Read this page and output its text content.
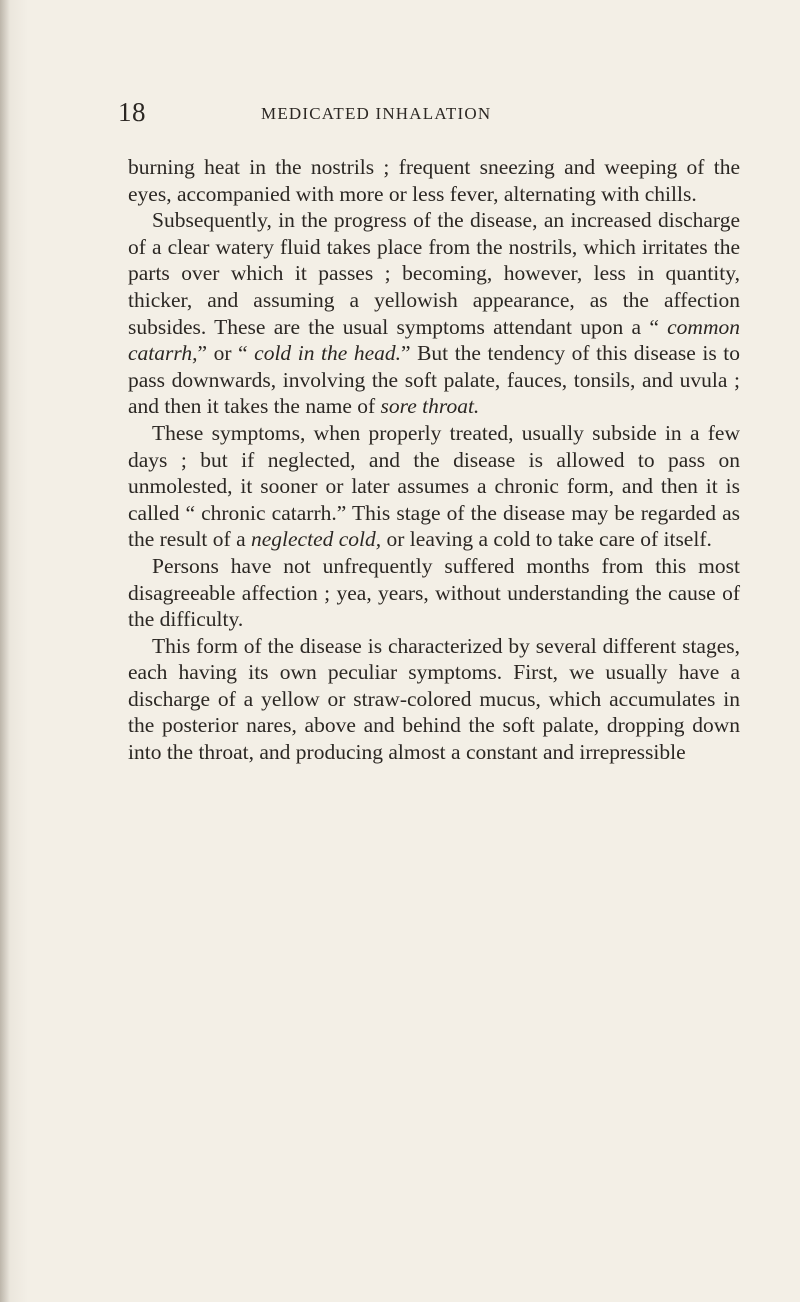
18	MEDICATED INHALATION

burning heat in the nostrils ; frequent sneezing and weeping of the eyes, accompanied with more or less fever, alternating with chills.

Subsequently, in the progress of the disease, an increased discharge of a clear watery fluid takes place from the nostrils, which irritates the parts over which it passes ; becoming, however, less in quantity, thicker, and assuming a yellowish appearance, as the affection subsides. These are the usual symptoms attendant upon a “ common catarrh,” or “ cold in the head.” But the tendency of this disease is to pass downwards, involving the soft palate, fauces, tonsils, and uvula ; and then it takes the name of sore throat.

These symptoms, when properly treated, usually subside in a few days ; but if neglected, and the disease is allowed to pass on unmolested, it sooner or later assumes a chronic form, and then it is called “ chronic catarrh.” This stage of the disease may be regarded as the result of a neglected cold, or leaving a cold to take care of itself.

Persons have not unfrequently suffered months from this most disagreeable affection ; yea, years, without understanding the cause of the difficulty.

This form of the disease is characterized by several different stages, each having its own peculiar symptoms. First, we usually have a discharge of a yellow or straw-colored mucus, which accumulates in the posterior nares, above and behind the soft palate, dropping down into the throat, and producing almost a constant and irrepressible
